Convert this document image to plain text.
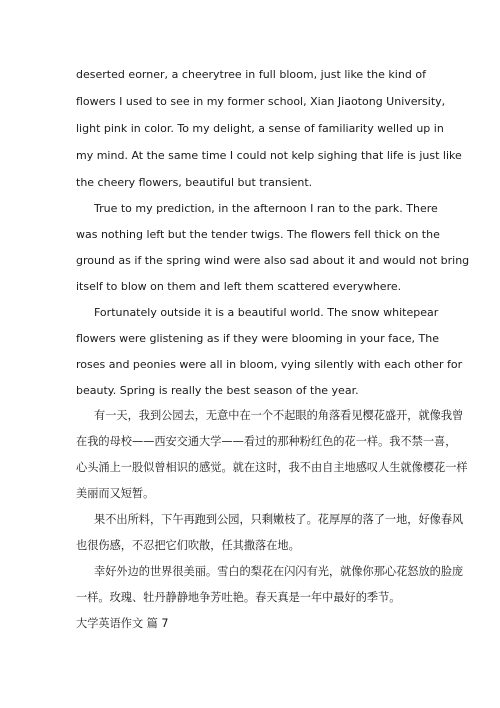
deserted eorner, a cheerytree in full bloom, just like the kind of
flowers I used to see in my former school, Xian Jiaotong University,
light pink in color. To my delight, a sense of familiarity welled up in
my mind. At the same time I could not kelp sighing that life is just like
the cheery flowers, beautiful but transient.
True to my prediction, in the afternoon I ran to the park. There
was nothing left but the tender twigs. The flowers fell thick on the
ground as if the spring wind were also sad about it and would not bring
itself to blow on them and left them scattered everywhere.
Fortunately outside it is a beautiful world. The snow whitepear
flowers were glistening as if they were blooming in your face, The
roses and peonies were all in bloom, vying silently with each other for
beauty. Spring is really the best season of the year.
有一天，我到公园去，无意中在一个不起眼的角落看见樱花盛开，就像我曾
在我的母校——西安交通大学——看过的那种粉红色的花一样。我不禁一喜，
心头涌上一股似曾相识的感觉。就在这时，我不由自主地感叹人生就像樱花一样
美丽而又短暂。
果不出所料，下午再跑到公园，只剩嫩枝了。花厚厚的落了一地，好像春风
也很伤感，不忍把它们吹散，任其撒落在地。
幸好外边的世界很美丽。雪白的梨花在闪闪有光，就像你那心花怒放的脸庞
一样。玫瑰、牡丹静静地争芳吐艳。春天真是一年中最好的季节。
大学英语作文 篇 7
